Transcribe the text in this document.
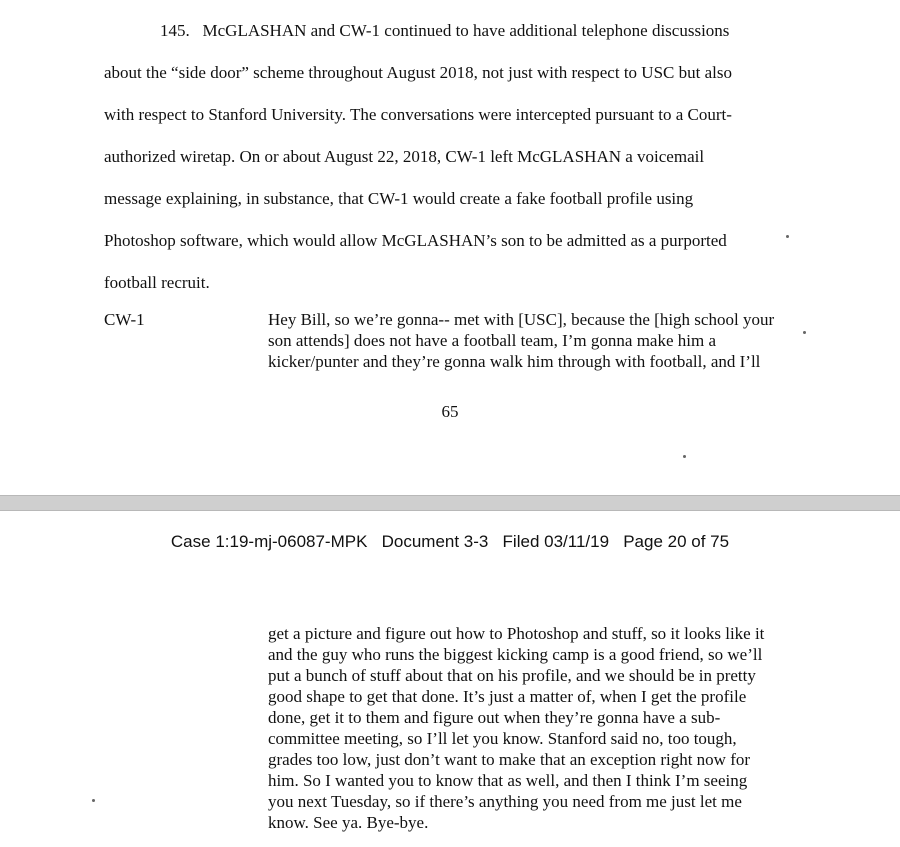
145. McGLASHAN and CW-1 continued to have additional telephone discussions
about the “side door” scheme throughout August 2018, not just with respect to USC but also
with respect to Stanford University. The conversations were intercepted pursuant to a Court-
authorized wiretap. On or about August 22, 2018, CW-1 left McGLASHAN a voicemail
message explaining, in substance, that CW-1 would create a fake football profile using
Photoshop software, which would allow McGLASHAN’s son to be admitted as a purported
football recruit.
CW-1	Hey Bill, so we’re gonna-- met with [USC], because the [high school your
son attends] does not have a football team, I’m gonna make him a
kicker/punter and they’re gonna walk him through with football, and I’ll
65
Case 1:19-mj-06087-MPK   Document 3-3   Filed 03/11/19   Page 20 of 75
get a picture and figure out how to Photoshop and stuff, so it looks like it
and the guy who runs the biggest kicking camp is a good friend, so we’ll
put a bunch of stuff about that on his profile, and we should be in pretty
good shape to get that done. It’s just a matter of, when I get the profile
done, get it to them and figure out when they’re gonna have a sub-
committee meeting, so I’ll let you know. Stanford said no, too tough,
grades too low, just don’t want to make that an exception right now for
him. So I wanted you to know that as well, and then I think I’m seeing
you next Tuesday, so if there’s anything you need from me just let me
know. See ya. Bye-bye.
